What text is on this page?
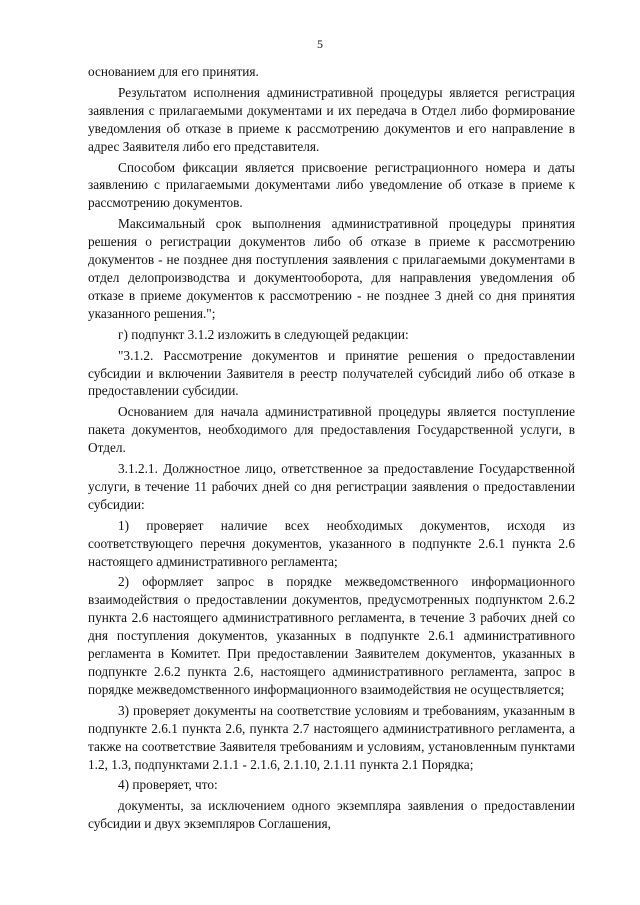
5

основанием для его принятия.

Результатом исполнения административной процедуры является регистрация заявления с прилагаемыми документами и их передача в Отдел либо формирование уведомления об отказе в приеме к рассмотрению документов и его направление в адрес Заявителя либо его представителя.

Способом фиксации является присвоение регистрационного номера и даты заявлению с прилагаемыми документами либо уведомление об отказе в приеме к рассмотрению документов.

Максимальный срок выполнения административной процедуры принятия решения о регистрации документов либо об отказе в приеме к рассмотрению документов - не позднее дня поступления заявления с прилагаемыми документами в отдел делопроизводства и документооборота, для направления уведомления об отказе в приеме документов к рассмотрению - не позднее 3 дней со дня принятия указанного решения.";

г) подпункт 3.1.2 изложить в следующей редакции:

"3.1.2. Рассмотрение документов и принятие решения о предоставлении субсидии и включении Заявителя в реестр получателей субсидий либо об отказе в предоставлении субсидии.

Основанием для начала административной процедуры является поступление пакета документов, необходимого для предоставления Государственной услуги, в Отдел.

3.1.2.1. Должностное лицо, ответственное за предоставление Государственной услуги, в течение 11 рабочих дней со дня регистрации заявления о предоставлении субсидии:

1) проверяет наличие всех необходимых документов, исходя из соответствующего перечня документов, указанного в подпункте 2.6.1 пункта 2.6 настоящего административного регламента;

2) оформляет запрос в порядке межведомственного информационного взаимодействия о предоставлении документов, предусмотренных подпунктом 2.6.2 пункта 2.6 настоящего административного регламента, в течение 3 рабочих дней со дня поступления документов, указанных в подпункте 2.6.1 административного регламента в Комитет. При предоставлении Заявителем документов, указанных в подпункте 2.6.2 пункта 2.6, настоящего административного регламента, запрос в порядке межведомственного информационного взаимодействия не осуществляется;

3) проверяет документы на соответствие условиям и требованиям, указанным в подпункте 2.6.1 пункта 2.6, пункта 2.7 настоящего административного регламента, а также на соответствие Заявителя требованиям и условиям, установленным пунктами 1.2, 1.3, подпунктами 2.1.1 - 2.1.6, 2.1.10, 2.1.11 пункта 2.1 Порядка;

4) проверяет, что:

документы, за исключением одного экземпляра заявления о предоставлении субсидии и двух экземпляров Соглашения,
